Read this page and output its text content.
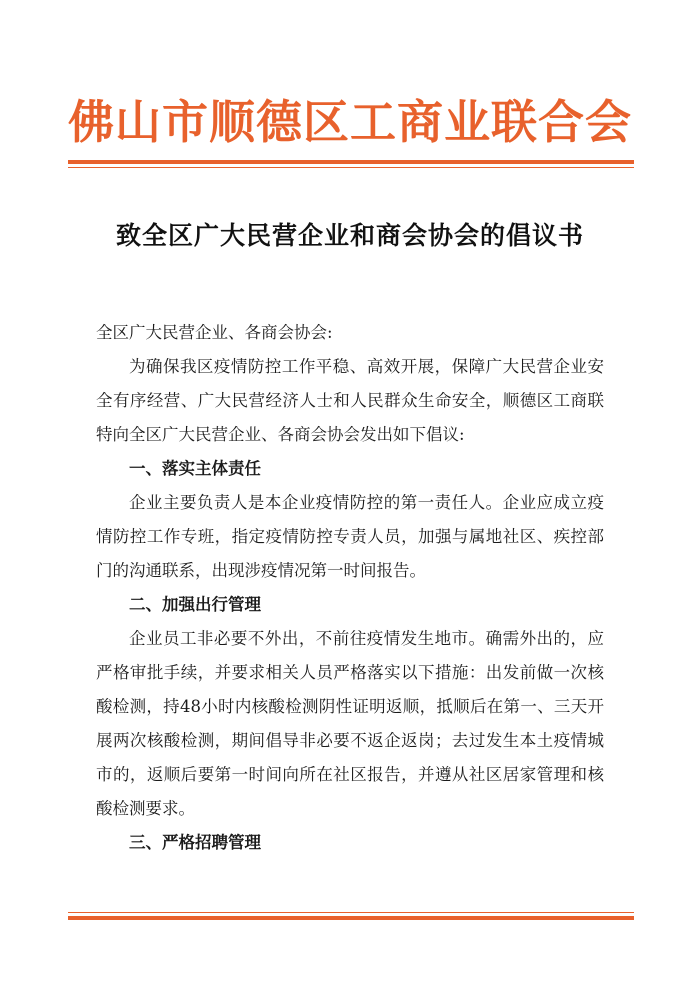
佛山市顺德区工商业联合会
致全区广大民营企业和商会协会的倡议书

全区广大民营企业、各商会协会:

为确保我区疫情防控工作平稳、高效开展，保障广大民营企业安全有序经营、广大民营经济人士和人民群众生命安全，顺德区工商联特向全区广大民营企业、各商会协会发出如下倡议:

一、落实主体责任

企业主要负责人是本企业疫情防控的第一责任人。企业应成立疫情防控工作专班，指定疫情防控专责人员，加强与属地社区、疾控部门的沟通联系，出现涉疫情况第一时间报告。

二、加强出行管理

企业员工非必要不外出，不前往疫情发生地市。确需外出的，应严格审批手续，并要求相关人员严格落实以下措施：出发前做一次核酸检测，持48小时内核酸检测阴性证明返顺，抵顺后在第一、三天开展两次核酸检测，期间倡导非必要不返企返岗；去过发生本土疫情城市的，返顺后要第一时间向所在社区报告，并遵从社区居家管理和核酸检测要求。

三、严格招聘管理
